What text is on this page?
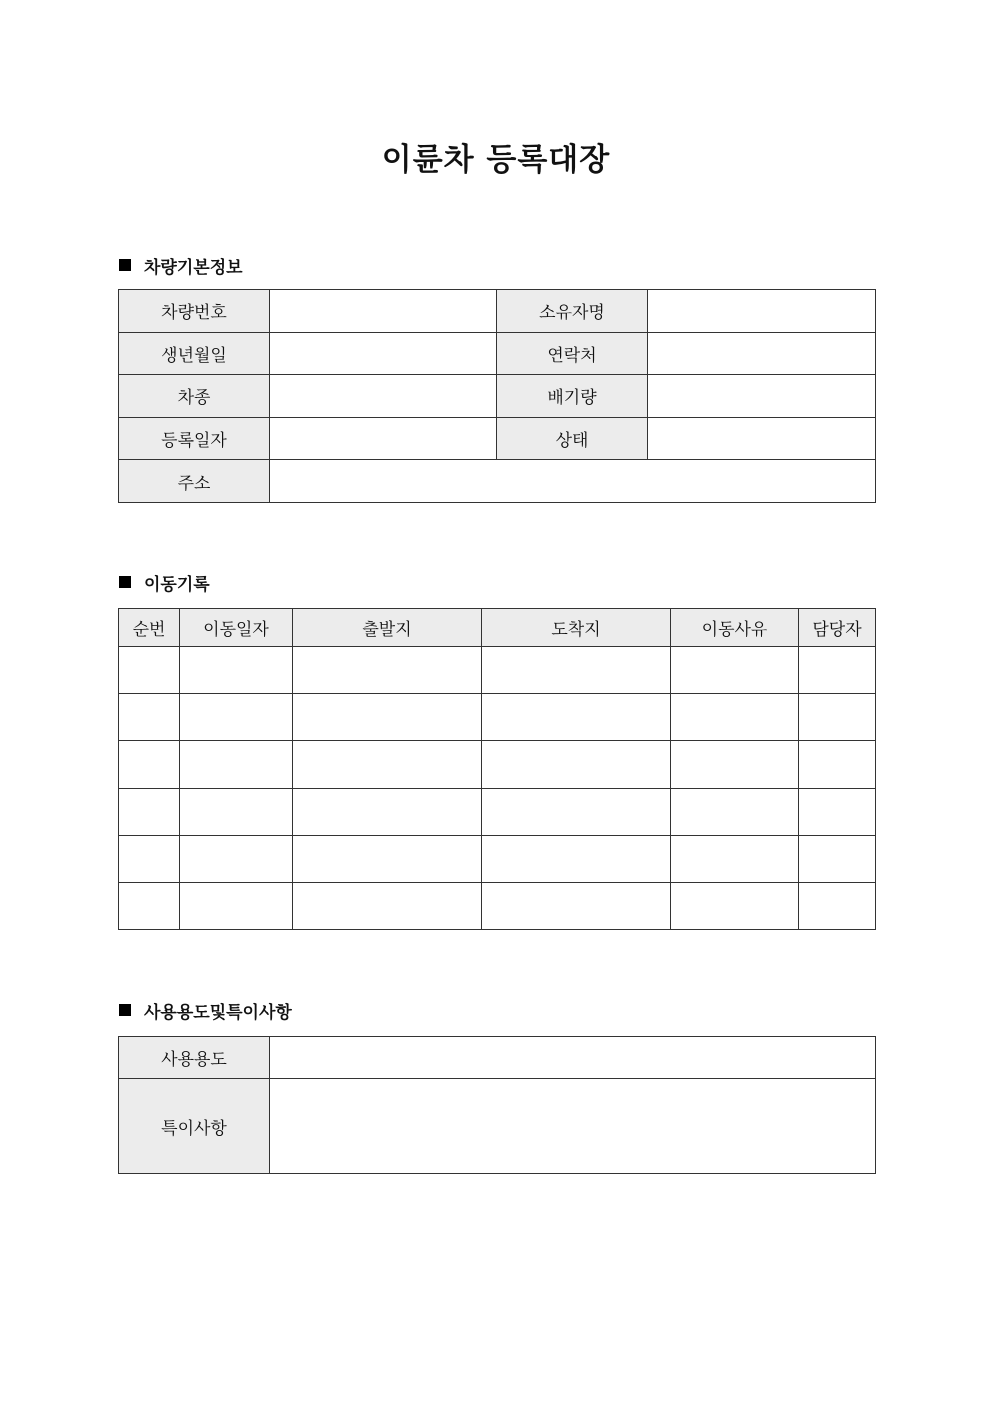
이륜차 등록대장
차량기본정보
차량번호		소유자명	
생년월일		연락처	
차종		배기량	
등록일자		상태	
주소			
이동기록
순번	이동일자	출발지	도착지	이동사유	담당자

사용용도및특이사항
사용용도	
특이사항	
